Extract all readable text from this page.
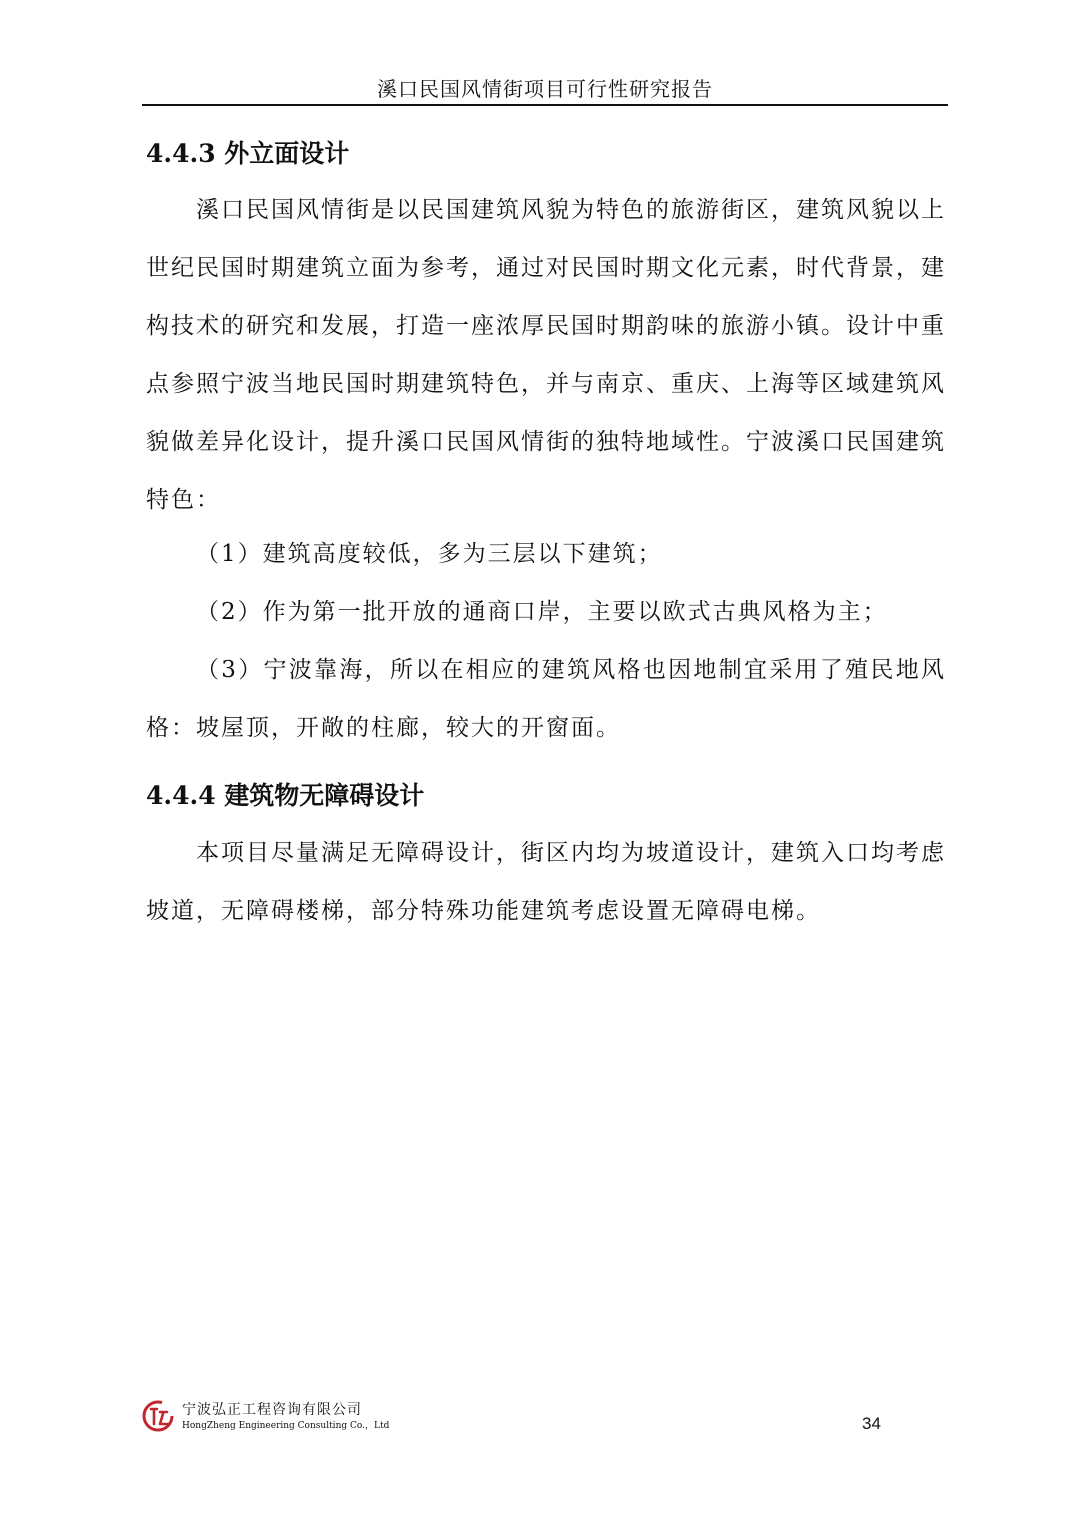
溪口民国风情街项目可行性研究报告
4.4.3 外立面设计

溪口民国风情街是以民国建筑风貌为特色的旅游街区，建筑风貌以上世纪民国时期建筑立面为参考，通过对民国时期文化元素，时代背景，建构技术的研究和发展，打造一座浓厚民国时期韵味的旅游小镇。设计中重点参照宁波当地民国时期建筑特色，并与南京、重庆、上海等区域建筑风貌做差异化设计，提升溪口民国风情街的独特地域性。宁波溪口民国建筑特色：

（1）建筑高度较低，多为三层以下建筑；

（2）作为第一批开放的通商口岸，主要以欧式古典风格为主；

（3）宁波靠海，所以在相应的建筑风格也因地制宜采用了殖民地风格：坡屋顶，开敞的柱廊，较大的开窗面。

4.4.4 建筑物无障碍设计

本项目尽量满足无障碍设计，街区内均为坡道设计，建筑入口均考虑坡道，无障碍楼梯，部分特殊功能建筑考虑设置无障碍电梯。

宁波弘正工程咨询有限公司
HongZheng Engineering Consulting Co.，Ltd	34
